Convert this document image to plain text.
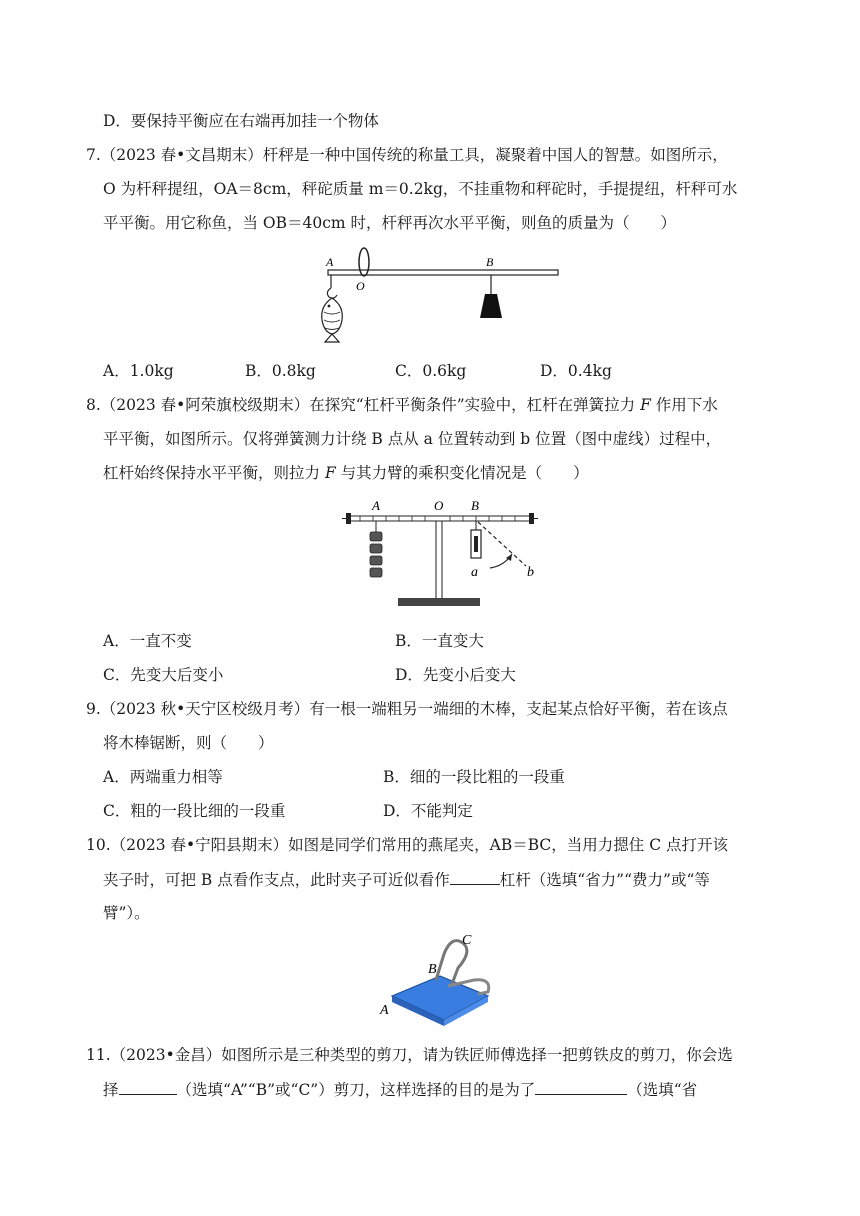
D．要保持平衡应在右端再加挂一个物体
7.（2023 春•文昌期末）杆秤是一种中国传统的称量工具，凝聚着中国人的智慧。如图所示，
O 为杆秤提纽，OA＝8cm，秤砣质量 m＝0.2kg，不挂重物和秤砣时，手提提纽，杆秤可水
平平衡。用它称鱼，当 OB＝40cm 时，杆秤再次水平平衡，则鱼的质量为（　　）
A
O
B
A．1.0kg	B．0.8kg	C．0.6kg	D．0.4kg
8.（2023 春•阿荣旗校级期末）在探究“杠杆平衡条件”实验中，杠杆在弹簧拉力 F 作用下水
平平衡，如图所示。仅将弹簧测力计绕 B 点从 a 位置转动到 b 位置（图中虚线）过程中，
杠杆始终保持水平平衡，则拉力 F 与其力臂的乘积变化情况是（　　）
A	O B
a	b
A．一直不变	B．一直变大
C．先变大后变小	D．先变小后变大
9.（2023 秋•天宁区校级月考）有一根一端粗另一端细的木棒，支起某点恰好平衡，若在该点
将木棒锯断，则（　　）
A．两端重力相等	B．细的一段比粗的一段重
C．粗的一段比细的一段重	D．不能判定
10.（2023 春•宁阳县期末）如图是同学们常用的燕尾夹，AB＝BC，当用力摁住 C 点打开该
夹子时，可把 B 点看作支点，此时夹子可近似看作	杠杆（选填“省力”“费力”或“等
臂”）。
C
B
A
11.（2023•金昌）如图所示是三种类型的剪刀，请为铁匠师傅选择一把剪铁皮的剪刀，你会选
择	（选填“A”“B”或“C”）剪刀，这样选择的目的是为了	（选填“省
